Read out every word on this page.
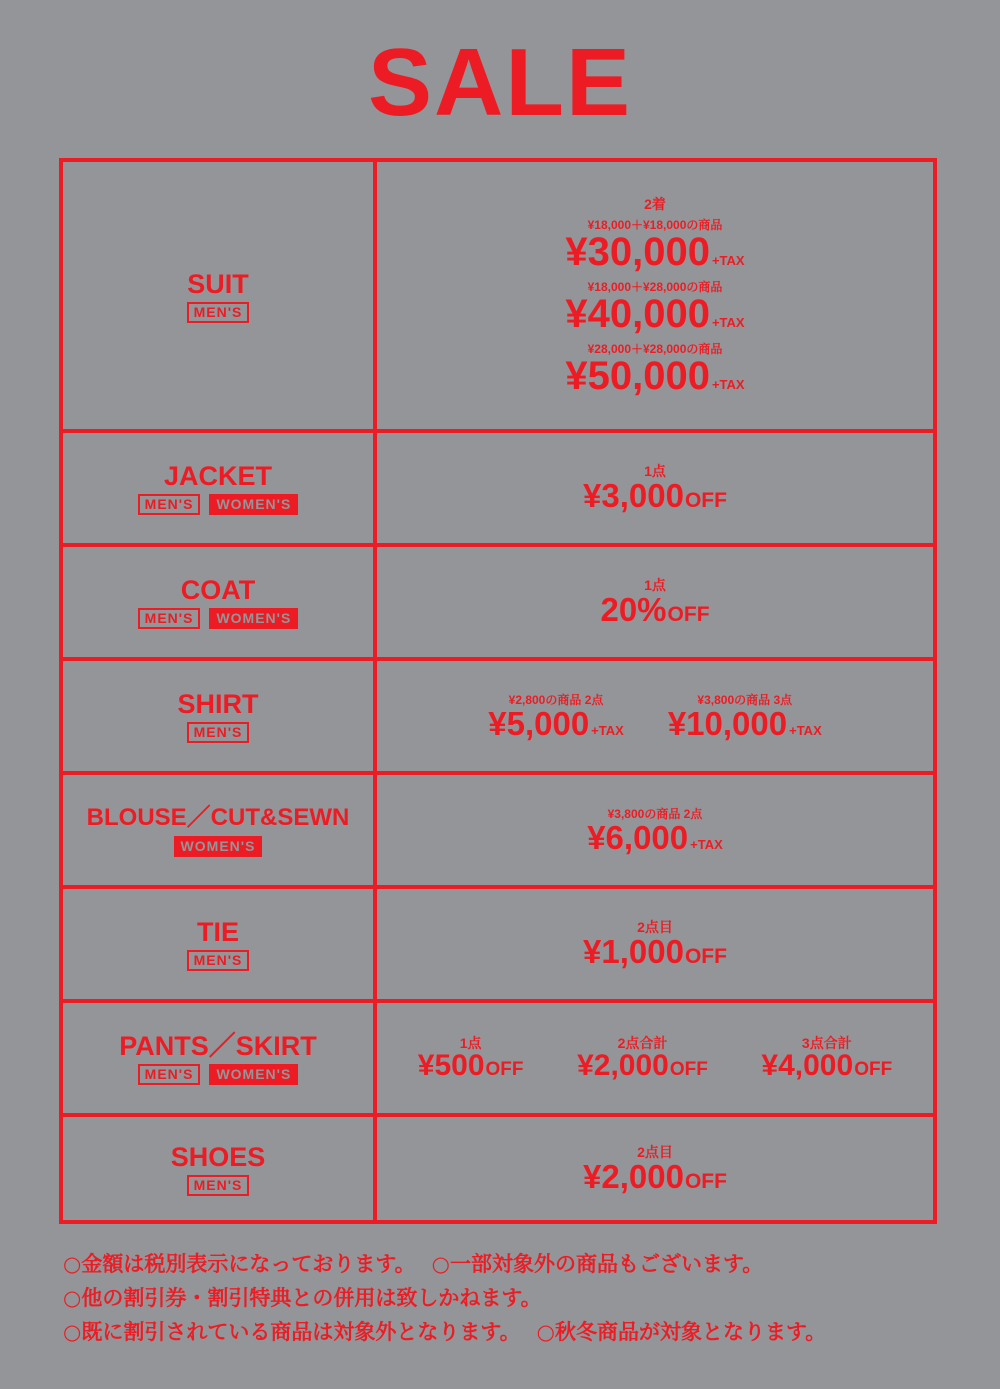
SALE
SUIT
MEN'S
2着
¥18,000＋¥18,000の商品
¥30,000 +TAX
¥18,000＋¥28,000の商品
¥40,000 +TAX
¥28,000＋¥28,000の商品
¥50,000 +TAX
JACKET
MEN'S	WOMEN'S
1点
¥3,000 OFF
COAT
MEN'S	WOMEN'S
1点
20% OFF
SHIRT
MEN'S
¥2,800の商品 2点
¥5,000 +TAX
¥3,800の商品 3点
¥10,000 +TAX
BLOUSE／CUT&SEWN
WOMEN'S
¥3,800の商品 2点
¥6,000 +TAX
TIE
MEN'S
2点目
¥1,000 OFF
PANTS／SKIRT
MEN'S	WOMEN'S
1点
¥500 OFF
2点合計
¥2,000 OFF
3点合計
¥4,000 OFF
SHOES
MEN'S
2点目
¥2,000 OFF
○金額は税別表示になっております。 ○一部対象外の商品もございます。
○他の割引券・割引特典との併用は致しかねます。
○既に割引されている商品は対象外となります。 ○秋冬商品が対象となります。
